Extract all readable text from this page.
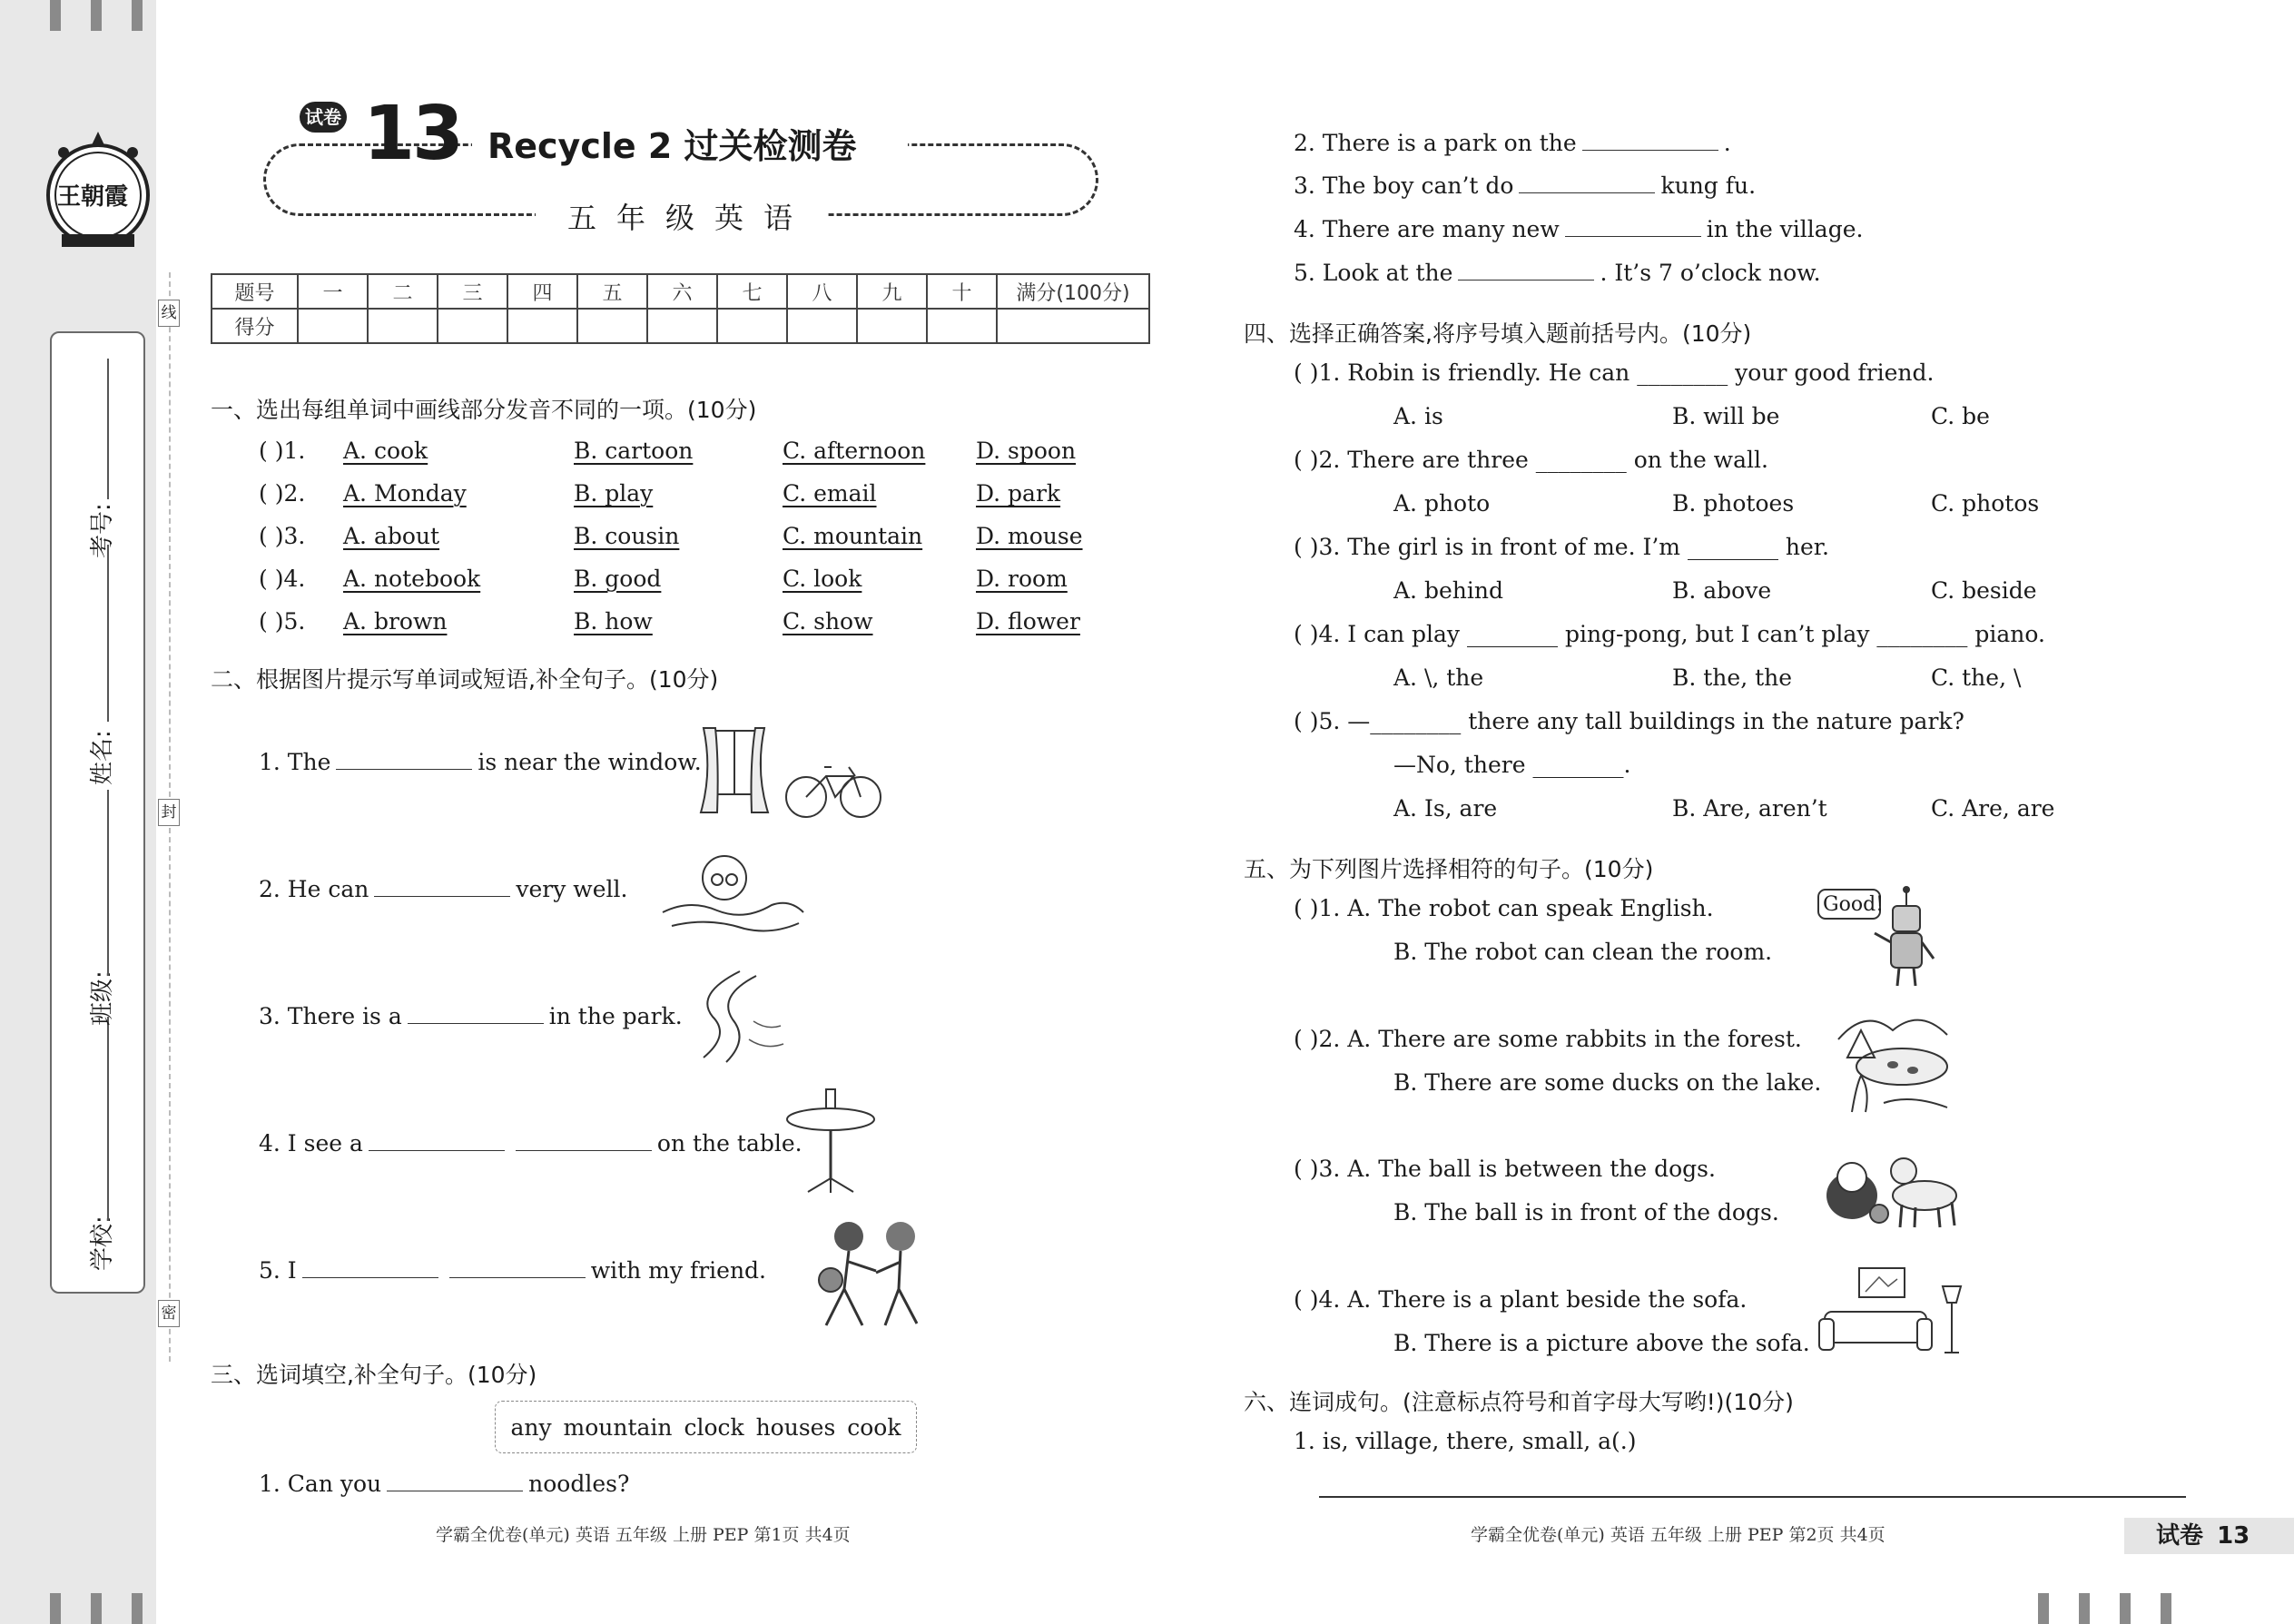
王朝霞
学校:
班级:
姓名:
考号:
线
封
密
试卷 13 Recycle 2 过关检测卷
五年级英语
题号	一	二	三	四	五	六	七	八	九	十	满分(100分)
得分											
一、选出每组单词中画线部分发音不同的一项。(10分)
( )1. A. cook	B. cartoon	C. afternoon D. spoon
( )2. A. Monday	B. play	C. email	D. park
( )3. A. about	B. cousin	C. mountain D. mouse
( )4. A. notebook	B. good	C. look	D. room
( )5. A. brown	B. how	C. show	D. flower
二、根据图片提示写单词或短语,补全句子。(10分)
1. The	is near the window.
2. He can	very well.
3. There is a	in the park.
4. I see a	on the table.
5. I	with my friend.
三、选词填空,补全句子。(10分)
any mountain clock houses cook
1. Can you	noodles?
学霸全优卷(单元) 英语 五年级 上册 PEP 第1页 共4页
2. There is a park on the	.
3. The boy can’t do	kung fu.
4. There are many new	in the village.
5. Look at the	. It’s 7 o’clock now.
四、选择正确答案,将序号填入题前括号内。(10分)
( )1. Robin is friendly. He can ________ your good friend.
A. is	B. will be	C. be
( )2. There are three ________ on the wall.
A. photo	B. photoes	C. photos
( )3. The girl is in front of me. I’m ________ her.
A. behind	B. above	C. beside
( )4. I can play ________ ping-pong, but I can’t play ________ piano.
A. \, the	B. the, the	C. the, \
( )5. —________ there any tall buildings in the nature park?
—No, there ________.
A. Is, are	B. Are, aren’t	C. Are, are
五、为下列图片选择相符的句子。(10分)
( )1. A. The robot can speak English.
B. The robot can clean the room.
Good!
( )2. A. There are some rabbits in the forest.
B. There are some ducks on the lake.
( )3. A. The ball is between the dogs.
B. The ball is in front of the dogs.
( )4. A. There is a plant beside the sofa.
B. There is a picture above the sofa.
六、连词成句。(注意标点符号和首字母大写哟!)(10分)
1. is, village, there, small, a(.)
学霸全优卷(单元) 英语 五年级 上册 PEP 第2页 共4页	试卷 13
